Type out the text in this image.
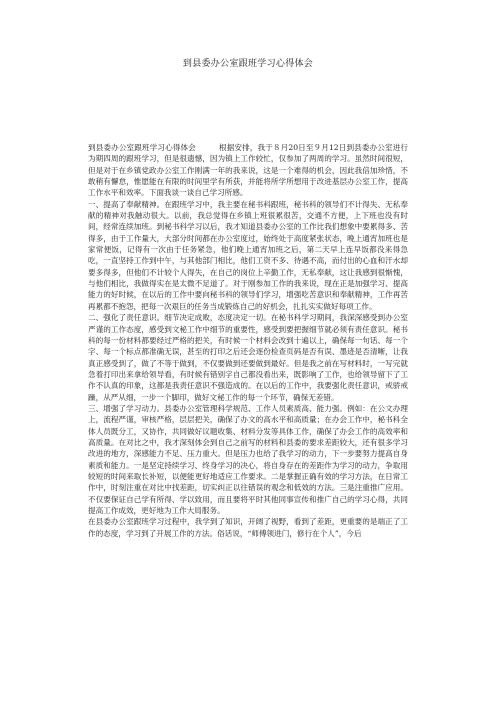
到县委办公室跟班学习心得体会

到县委办公室跟班学习心得体会　　　根据安排，我于８月20日至９月12日到县委办公室进行为期四周的跟班学习，但是很遗憾，因为镇上工作较忙，仅参加了两周的学习。虽然时间很短，但是对于在乡镇党政办公室工作刚满一年的我来说，这是一个难得的机会，因此我倍加珍惜，不敢稍有懈怠，惟愿能在有限的时间里学有所获，并能将所学所想用于改进基层办公室工作，提高工作水平和效率。下面我谈一谈自己学习所感。

一、提高了奉献精神。在跟班学习中，我主要在秘书科跟班，秘书科的领导们不计得失、无私奉献的精神对我触动很大。以前，我总觉得在乡镇上班很累很苦，交通不方便，上下班也没有时间，经常连续加班。到秘书科学习以后，我才知道县委办公室的工作比我们想象中要累得多、苦得多，由于工作量大，大部分时间都在办公室度过，始终处于高度紧张状态，晚上通宵加班也是家常便饭，记得有一次由于任务紧急，他们晚上通宵加班之后，第二天早上连早饭都没来得急吃，一直坚持工作到中午，与其他部门相比，他们工资不多、待遇不高，而付出的心血和汗水却要多得多，但他们不计较个人得失，在自己的岗位上辛勤工作，无私奉献，这让我感到很惭愧，与他们相比，我做得实在是太微不足道了。对于刚参加工作的我来说，现在正是加强学习、提高能力的好时候，在以后的工作中要向秘书科的领导们学习，增强吃苦意识和奉献精神，工作再苦再累都不抱怨，把每一次艰巨的任务当成锻炼自己的好机会，扎扎实实做好每项工作。

二、强化了责任意识。细节决定成败，态度决定一切。在秘书科学习期间，我深深感受到办公室严谨的工作态度，感受到文秘工作中细节的重要性，感受到要把握细节就必须有责任意识。秘书科的每一份材料都要经过严格的把关，有时候一个材料会改到十遍以上，确保每一句话、每一个字、每一个标点都准确无误，甚至的打印之后还会逐份检查页码是否有误、墨迹是否清晰，让我真正感受到了，做了不等于做到，不仅要做到还要做到最好。但是我之前在写材料时，一写完就急着打印出来拿给领导看，有时候有错别字自己都没看出来，既影响了工作，也给领导留下了工作不认真的印象，这都是我责任意识不强造成的。在以后的工作中，我要强化责任意识，戒骄戒躁，从严从细，一步一个脚印，做好文秘工作的每一个环节，确保无差错。

三、增强了学习动力。县委办公室管理科学规范、工作人员素质高、能力强。例如：在公文办理上，流程严谨，审核严格，层层把关，确保了办文的高水平和高质量；在办会工作中，秘书科全体人员既分工，又协作，共同做好议题收集、材料分发等具体工作，确保了办会工作的高效率和高质量。在对比之中，我才深刻体会到自己之前写的材料和县委的要求差距较大，还有很多学习改进的地方，深感能力不足、压力重大。但是压力也给了我学习的动力，下一步要努力提高自身素质和能力。一是坚定持续学习、终身学习的决心，将自身存在的差距作为学习的动力，争取用较短的时间来取长补短，以便能更好地适应工作要求。二是掌握正确有效的学习方法，在日常工作中，时刻注重在对比中找差距，切实纠正以往错误的观念和低效的方法。三是注重推广应用。不仅要保证自己学有所得、学以致用，而且要将平时其他同事宣传和推广自己的学习心得，共同提高工作成效，更好地为工作大局服务。

在县委办公室跟班学习过程中，我学到了知识，开阔了视野，看到了差距，更重要的是端正了工作的态度，学习到了开展工作的方法。俗话说，“师傅领进门，修行在个人”，今后
